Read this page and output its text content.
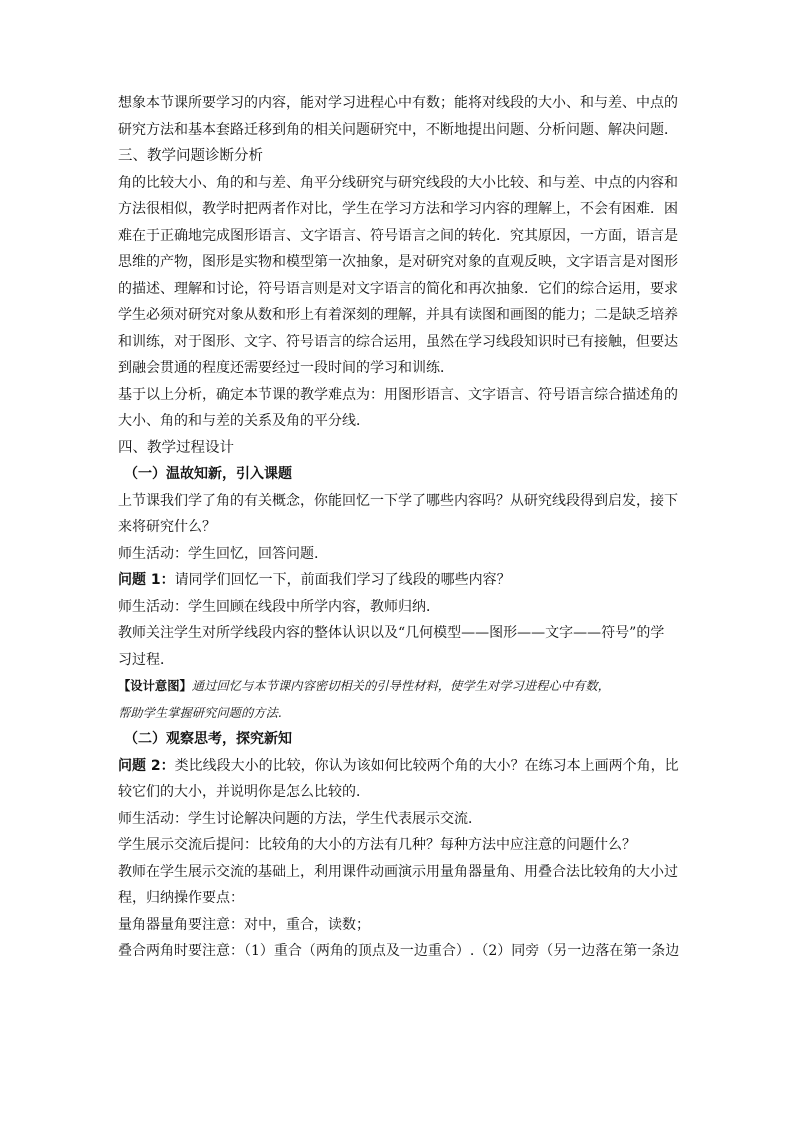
想象本节课所要学习的内容，能对学习进程心中有数；能将对线段的大小、和与差、中点的
研究方法和基本套路迁移到角的相关问题研究中，不断地提出问题、分析问题、解决问题．
三、教学问题诊断分析
角的比较大小、角的和与差、角平分线研究与研究线段的大小比较、和与差、中点的内容和
方法很相似，教学时把两者作对比，学生在学习方法和学习内容的理解上，不会有困难．困
难在于正确地完成图形语言、文字语言、符号语言之间的转化．究其原因，一方面，语言是
思维的产物，图形是实物和模型第一次抽象，是对研究对象的直观反映，文字语言是对图形
的描述、理解和讨论，符号语言则是对文字语言的简化和再次抽象．它们的综合运用，要求
学生必须对研究对象从数和形上有着深刻的理解，并具有读图和画图的能力；二是缺乏培养
和训练，对于图形、文字、符号语言的综合运用，虽然在学习线段知识时已有接触，但要达
到融会贯通的程度还需要经过一段时间的学习和训练．
基于以上分析，确定本节课的教学难点为：用图形语言、文字语言、符号语言综合描述角的
大小、角的和与差的关系及角的平分线．
四、教学过程设计
（一）温故知新，引入课题
上节课我们学了角的有关概念，你能回忆一下学了哪些内容吗？从研究线段得到启发，接下
来将研究什么？
师生活动：学生回忆，回答问题.
问题 1：请同学们回忆一下，前面我们学习了线段的哪些内容？
师生活动：学生回顾在线段中所学内容，教师归纳．
教师关注学生对所学线段内容的整体认识以及“几何模型——图形——文字——符号”的学
习过程．
【设计意图】通过回忆与本节课内容密切相关的引导性材料，使学生对学习进程心中有数，
帮助学生掌握研究问题的方法.
（二）观察思考，探究新知
问题 2：类比线段大小的比较，你认为该如何比较两个角的大小？在练习本上画两个角，比
较它们的大小，并说明你是怎么比较的．
师生活动：学生讨论解决问题的方法，学生代表展示交流．
学生展示交流后提问：比较角的大小的方法有几种？每种方法中应注意的问题什么？
教师在学生展示交流的基础上，利用课件动画演示用量角器量角、用叠合法比较角的大小过
程，归纳操作要点：
量角器量角要注意：对中，重合，读数；
叠合两角时要注意：（1）重合（两角的顶点及一边重合）.（2）同旁（另一边落在第一条边
